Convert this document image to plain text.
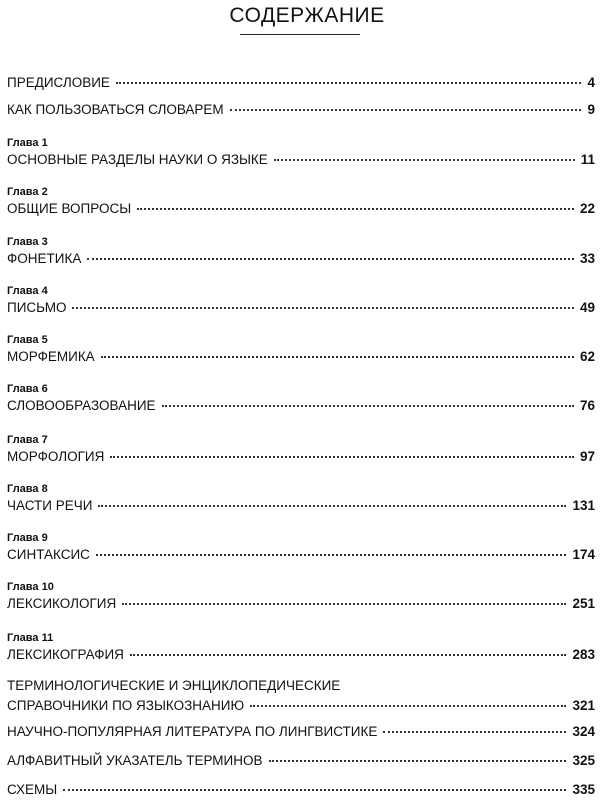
СОДЕРЖАНИЕ
ПРЕДИСЛОВИЕ	4
КАК ПОЛЬЗОВАТЬСЯ СЛОВАРЕМ	9
Глава 1
ОСНОВНЫЕ РАЗДЕЛЫ НАУКИ О ЯЗЫКЕ	11
Глава 2
ОБЩИЕ ВОПРОСЫ	22
Глава 3
ФОНЕТИКА	33
Глава 4
ПИСЬМО	49
Глава 5
МОРФЕМИКА	62
Глава 6
СЛОВООБРАЗОВАНИЕ	76
Глава 7
МОРФОЛОГИЯ	97
Глава 8
ЧАСТИ РЕЧИ	131
Глава 9
СИНТАКСИС	174
Глава 10
ЛЕКСИКОЛОГИЯ	251
Глава 11
ЛЕКСИКОГРАФИЯ	283
ТЕРМИНОЛОГИЧЕСКИЕ И ЭНЦИКЛОПЕДИЧЕСКИЕ
СПРАВОЧНИКИ ПО ЯЗЫКОЗНАНИЮ	321
НАУЧНО-ПОПУЛЯРНАЯ ЛИТЕРАТУРА ПО ЛИНГВИСТИКЕ	324
АЛФАВИТНЫЙ УКАЗАТЕЛЬ ТЕРМИНОВ	325
СХЕМЫ	335
